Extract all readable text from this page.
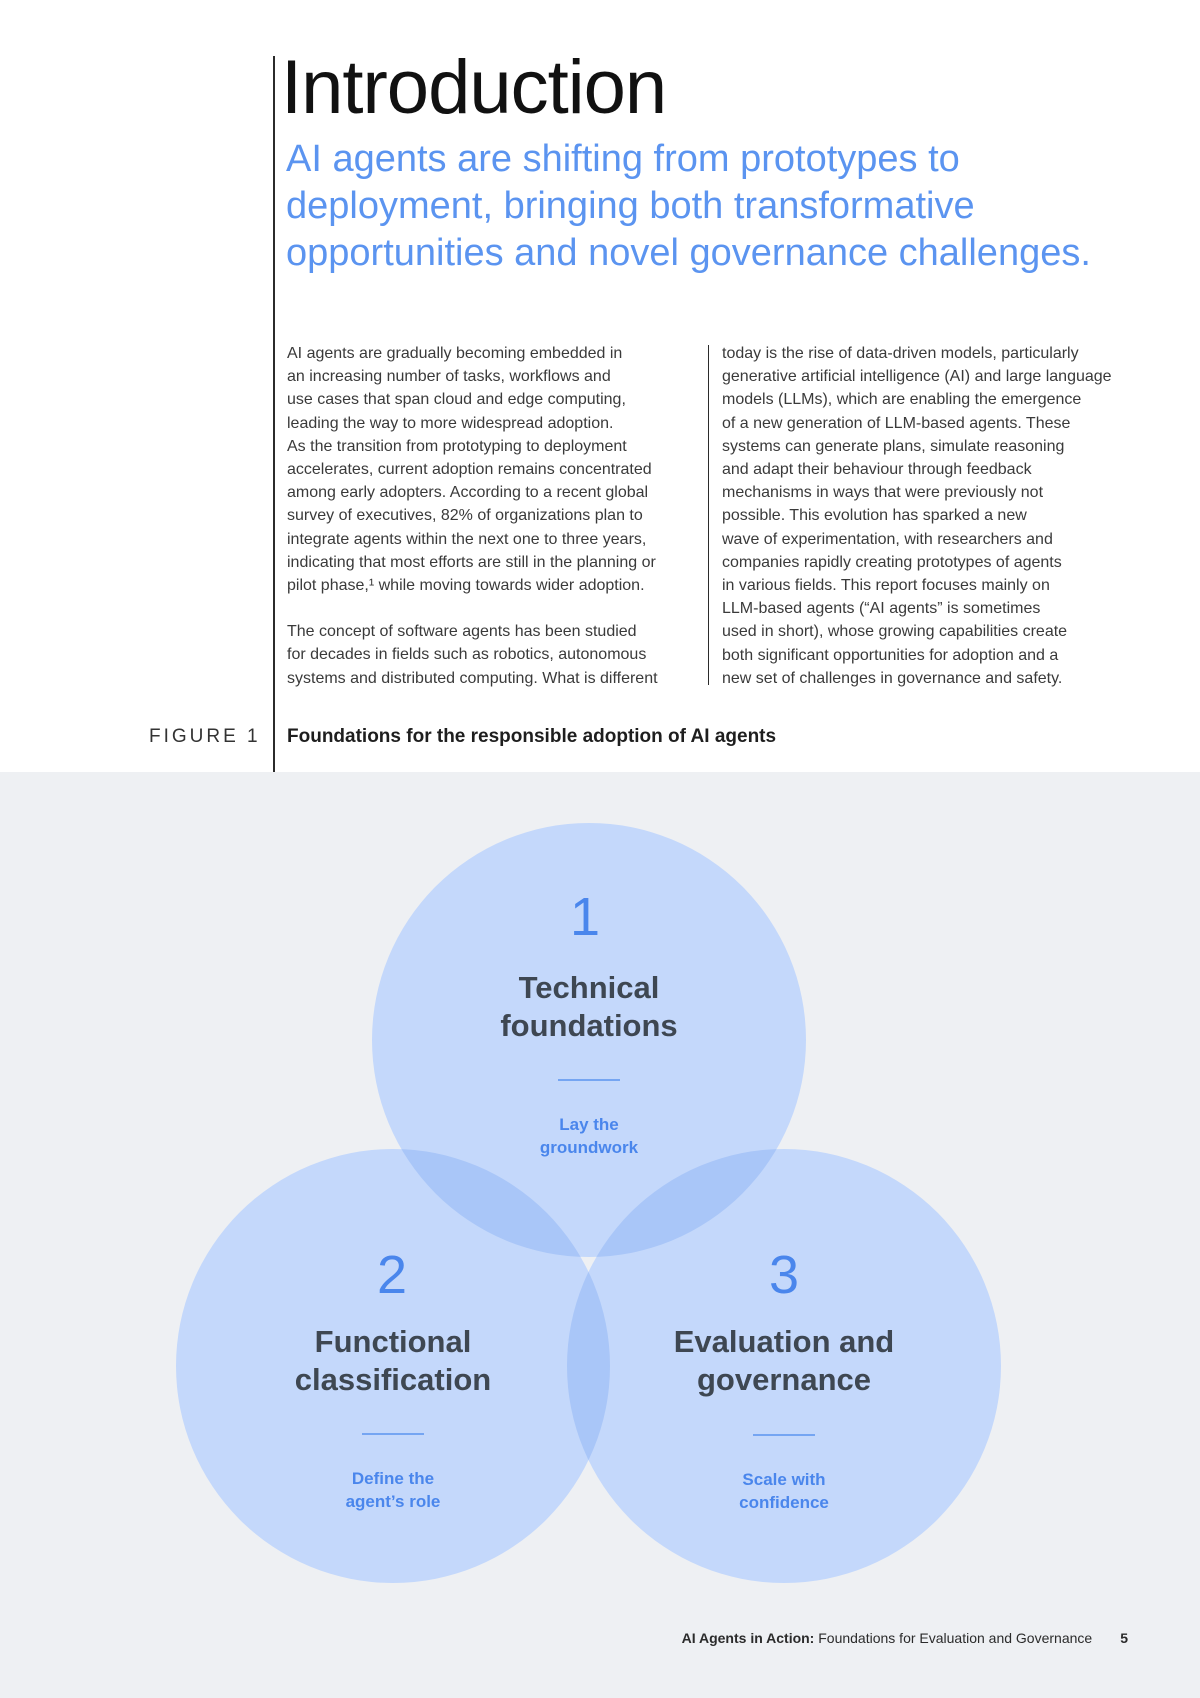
Introduction
AI agents are shifting from prototypes to deployment, bringing both transformative opportunities and novel governance challenges.

AI agents are gradually becoming embedded in
an increasing number of tasks, workflows and
use cases that span cloud and edge computing,
leading the way to more widespread adoption.
As the transition from prototyping to deployment
accelerates, current adoption remains concentrated
among early adopters. According to a recent global
survey of executives, 82% of organizations plan to
integrate agents within the next one to three years,
indicating that most efforts are still in the planning or
pilot phase,¹ while moving towards wider adoption.

The concept of software agents has been studied
for decades in fields such as robotics, autonomous
systems and distributed computing. What is different

today is the rise of data-driven models, particularly
generative artificial intelligence (AI) and large language
models (LLMs), which are enabling the emergence
of a new generation of LLM-based agents. These
systems can generate plans, simulate reasoning
and adapt their behaviour through feedback
mechanisms in ways that were previously not
possible. This evolution has sparked a new
wave of experimentation, with researchers and
companies rapidly creating prototypes of agents
in various fields. This report focuses mainly on
LLM-based agents (“AI agents” is sometimes
used in short), whose growing capabilities create
both significant opportunities for adoption and a
new set of challenges in governance and safety.

FIGURE 1 Foundations for the responsible adoption of AI agents
1
Technical
foundations
Lay the
groundwork
2
Functional
classification
Define the
agent’s role
3
Evaluation and
governance
Scale with
confidence
AI Agents in Action: Foundations for Evaluation and Governance 5
